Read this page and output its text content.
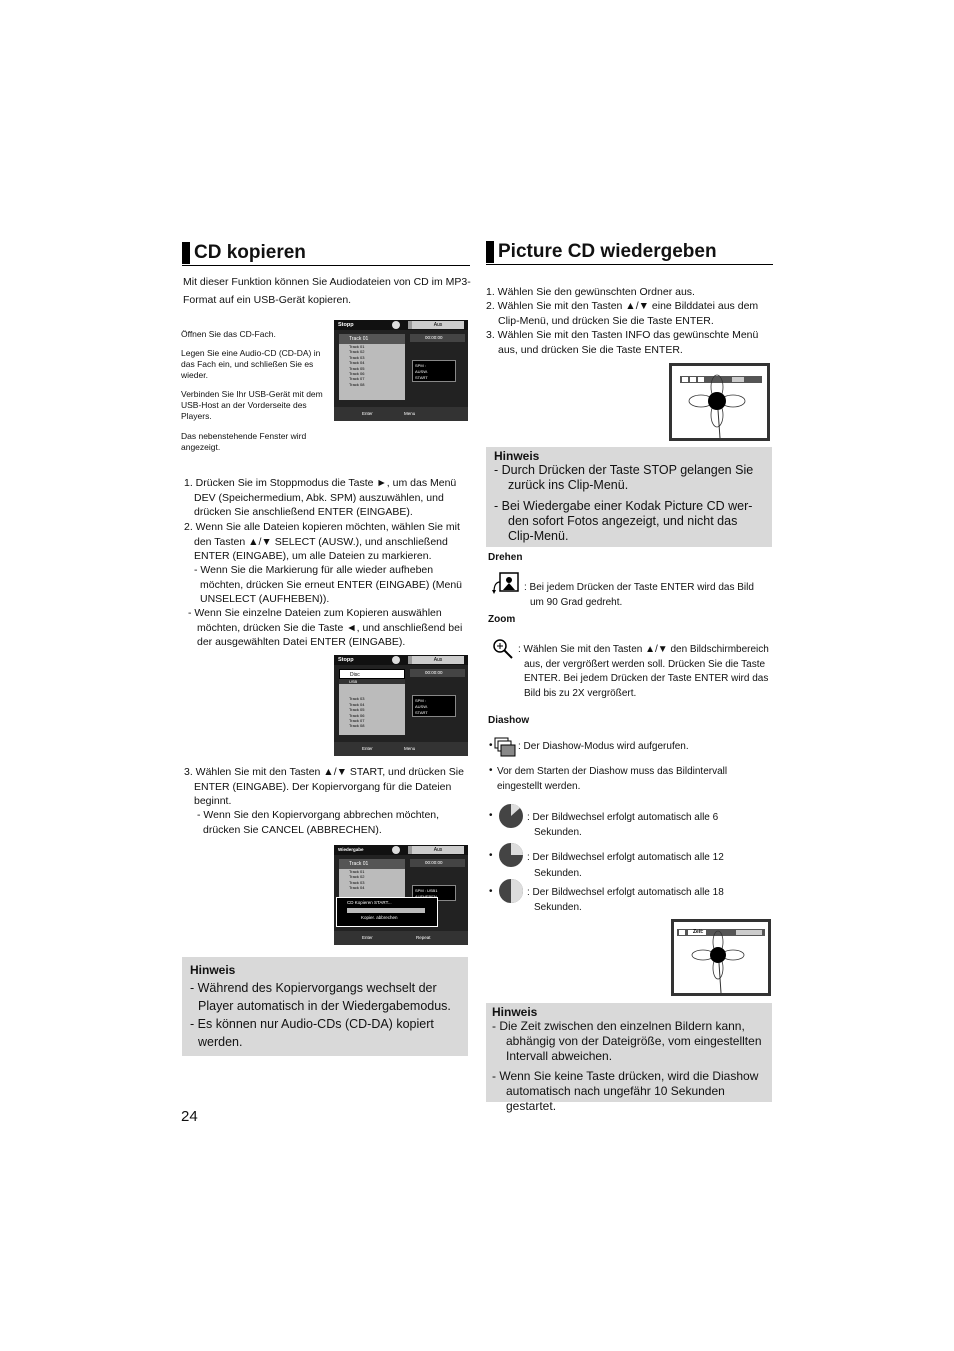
CD kopieren
Mit dieser Funktion können Sie Audiodateien von CD im MP3-Format auf ein USB-Gerät kopieren.
Öffnen Sie das CD-Fach.
Legen Sie eine Audio-CD (CD-DA) in das Fach ein, und schließen Sie es wieder.
Verbinden Sie Ihr USB-Gerät mit dem USB-Host an der Vorderseite des Players.
Das nebenstehende Fenster wird angezeigt.
Stopp	Aus
Track 01
Track 01
Track 02
Track 03
Track 04
Track 05
Track 06
Track 07
Track 08
00:00:00
SPM :
AUSW.
START
Enter	Menu
1. Drücken Sie im Stoppmodus die Taste ►, um das Menü DEV (Speichermedium, Abk. SPM) auszuwählen, und drücken Sie anschließend ENTER (EINGABE).
2. Wenn Sie alle Dateien kopieren möchten, wählen Sie mit den Tasten ▲/▼ SELECT (AUSW.), und anschließend ENTER (EINGABE), um alle Dateien zu markieren.
- Wenn Sie die Markierung für alle wieder aufheben möchten, drücken Sie erneut ENTER (EINGABE) (Menü UNSELECT (AUFHEBEN)).
- Wenn Sie einzelne Dateien zum Kopieren auswählen möchten, drücken Sie die Taste ◄, und anschließend bei der ausgewählten Datei ENTER (EINGABE).
Stopp	Aus
Disc
USB
Track 03
Track 04
Track 05
Track 06
Track 07
Track 08
00:00:00
SPM :
AUSW.
START
Enter	Menu
3. Wählen Sie mit den Tasten ▲/▼ START, und drücken Sie ENTER (EINGABE). Der Kopiervorgang für die Dateien beginnt.
- Wenn Sie den Kopiervorgang abbrechen möchten, drücken Sie CANCEL (ABBRECHEN).
Wiedergabe	Aus
Track 01
Track 01
Track 02
Track 03
Track 04
00:00:00
SPM : USB1
CD Kopieren START...
Kopier. abbrechen
Enter	Repeat
Hinweis
- Während des Kopiervorgangs wechselt der Player automatisch in der Wiedergabemodus.
- Es können nur Audio-CDs (CD-DA) kopiert werden.
24
Picture CD wiedergeben
1. Wählen Sie den gewünschten Ordner aus.
2. Wählen Sie mit den Tasten ▲/▼ eine Bilddatei aus dem Clip-Menü, und drücken Sie die Taste ENTER.
3. Wählen Sie mit den Tasten INFO das gewünschte Menü aus, und drücken Sie die Taste ENTER.
Hinweis
- Durch Drücken der Taste STOP gelangen Sie zurück ins Clip-Menü.
- Bei Wiedergabe einer Kodak Picture CD wer-den sofort Fotos angezeigt, und nicht das Clip-Menü.
Drehen
: Bei jedem Drücken der Taste ENTER wird das Bild um 90 Grad gedreht.
Zoom
: Wählen Sie mit den Tasten ▲/▼ den Bildschirmbereich aus, der vergrößert werden soll. Drücken Sie die Taste ENTER. Bei jedem Drücken der Taste ENTER wird das Bild bis zu 2X vergrößert.
Diashow
•	: Der Diashow-Modus wird aufgerufen.
• Vor dem Starten der Diashow muss das Bildintervall eingestellt werden.
•	: Der Bildwechsel erfolgt automatisch alle 6 Sekunden.
•	: Der Bildwechsel erfolgt automatisch alle 12 Sekunden.
•	: Der Bildwechsel erfolgt automatisch alle 18 Sekunden.
Zeit:
Hinweis
- Die Zeit zwischen den einzelnen Bildern kann, abhängig von der Dateigröße, vom eingestellten Intervall abweichen.
- Wenn Sie keine Taste drücken, wird die Diashow automatisch nach ungefähr 10 Sekunden gestartet.
